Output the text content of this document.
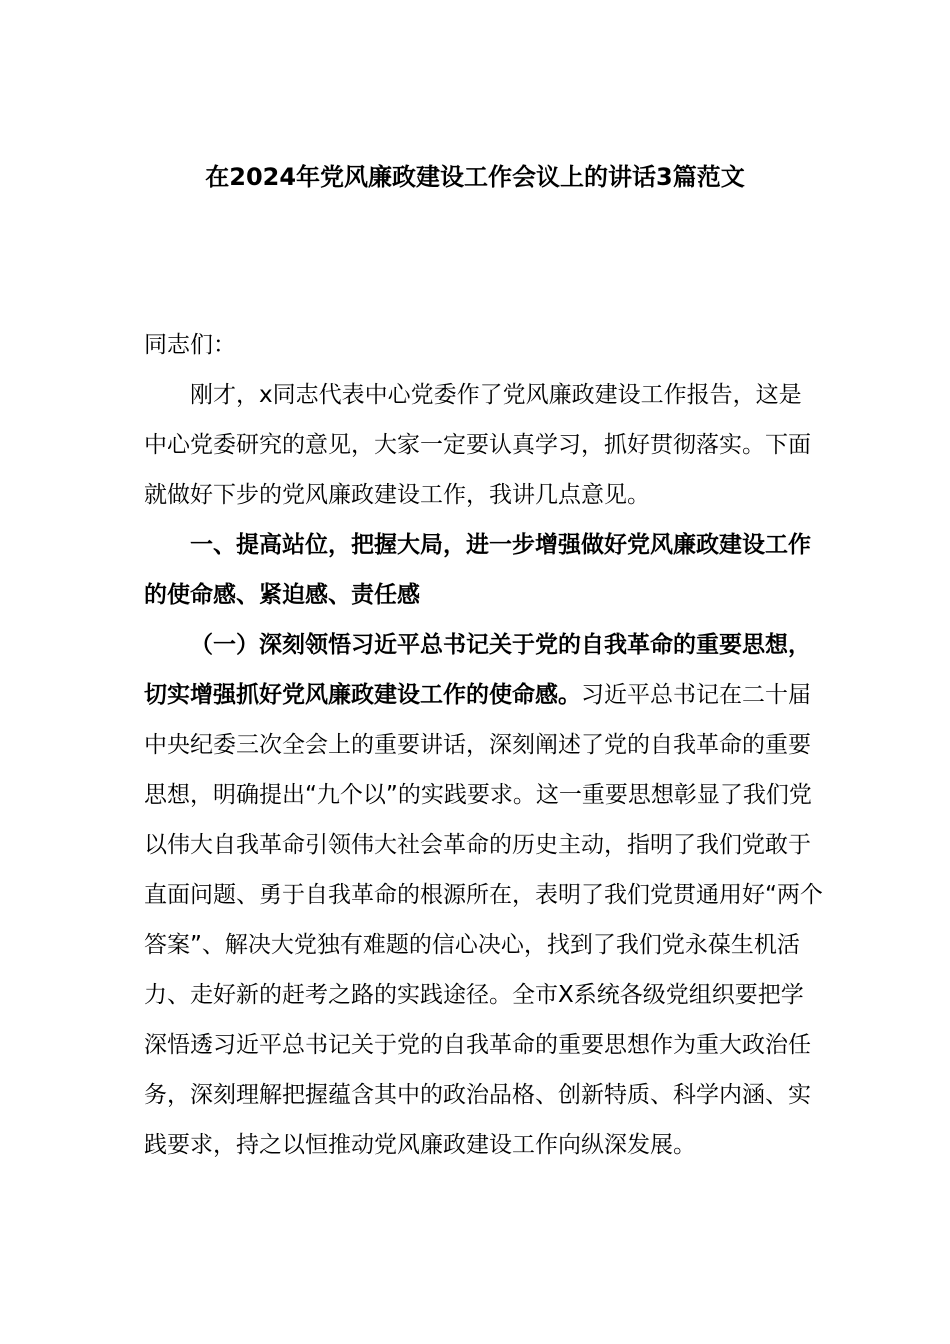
在2024年党风廉政建设工作会议上的讲话3篇范文

同志们：

刚才，x同志代表中心党委作了党风廉政建设工作报告，这是中心党委研究的意见，大家一定要认真学习，抓好贯彻落实。下面就做好下步的党风廉政建设工作，我讲几点意见。

一、提高站位，把握大局，进一步增强做好党风廉政建设工作的使命感、紧迫感、责任感

（一）深刻领悟习近平总书记关于党的自我革命的重要思想，切实增强抓好党风廉政建设工作的使命感。习近平总书记在二十届中央纪委三次全会上的重要讲话，深刻阐述了党的自我革命的重要思想，明确提出“九个以”的实践要求。这一重要思想彰显了我们党以伟大自我革命引领伟大社会革命的历史主动，指明了我们党敢于直面问题、勇于自我革命的根源所在，表明了我们党贯通用好“两个答案”、解决大党独有难题的信心决心，找到了我们党永葆生机活力、走好新的赶考之路的实践途径。全市X系统各级党组织要把学深悟透习近平总书记关于党的自我革命的重要思想作为重大政治任务，深刻理解把握蕴含其中的政治品格、创新特质、科学内涵、实践要求，持之以恒推动党风廉政建设工作向纵深发展。
